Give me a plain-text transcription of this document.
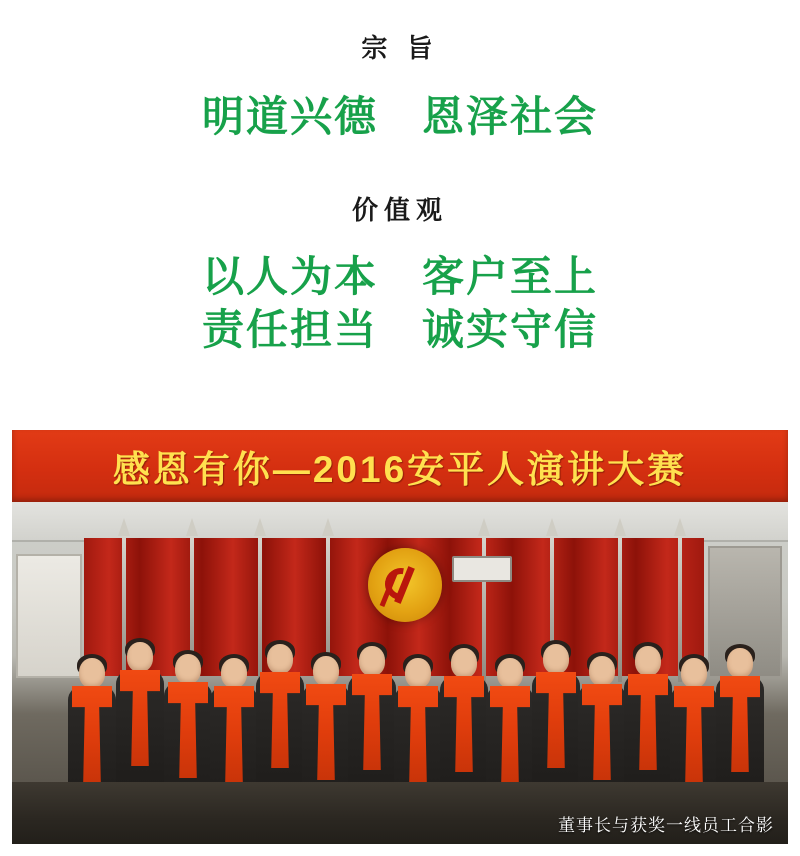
宗 旨
明道兴德　恩泽社会
价值观
以人为本　客户至上
责任担当　诚实守信
感恩有你—2016安平人演讲大赛
董事长与获奖一线员工合影
